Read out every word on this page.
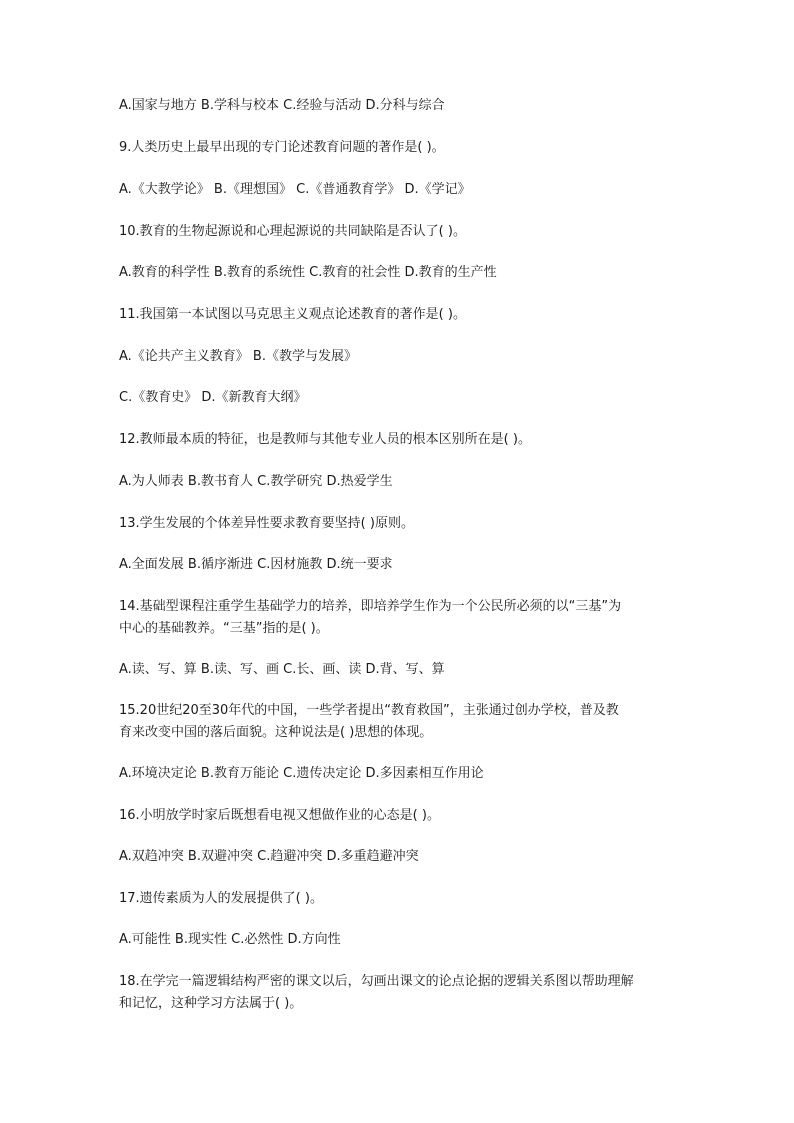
A.国家与地方 B.学科与校本 C.经验与活动 D.分科与综合
9.人类历史上最早出现的专门论述教育问题的著作是( )。
A.《大教学论》 B.《理想国》 C.《普通教育学》 D.《学记》
10.教育的生物起源说和心理起源说的共同缺陷是否认了( )。
A.教育的科学性 B.教育的系统性 C.教育的社会性 D.教育的生产性
11.我国第一本试图以马克思主义观点论述教育的著作是( )。
A.《论共产主义教育》 B.《教学与发展》
C.《教育史》 D.《新教育大纲》
12.教师最本质的特征，也是教师与其他专业人员的根本区别所在是( )。
A.为人师表 B.教书育人 C.教学研究 D.热爱学生
13.学生发展的个体差异性要求教育要坚持( )原则。
A.全面发展 B.循序渐进 C.因材施教 D.统一要求
14.基础型课程注重学生基础学力的培养，即培养学生作为一个公民所必须的以“三基”为
中心的基础教养。“三基”指的是( )。
A.读、写、算 B.读、写、画 C.长、画、读 D.背、写、算
15.20世纪20至30年代的中国，一些学者提出“教育救国”，主张通过创办学校，普及教
育来改变中国的落后面貌。这种说法是( )思想的体现。
A.环境决定论 B.教育万能论 C.遗传决定论 D.多因素相互作用论
16.小明放学时家后既想看电视又想做作业的心态是( )。
A.双趋冲突 B.双避冲突 C.趋避冲突 D.多重趋避冲突
17.遗传素质为人的发展提供了( )。
A.可能性 B.现实性 C.必然性 D.方向性
18.在学完一篇逻辑结构严密的课文以后，勾画出课文的论点论据的逻辑关系图以帮助理解
和记忆，这种学习方法属于( )。
